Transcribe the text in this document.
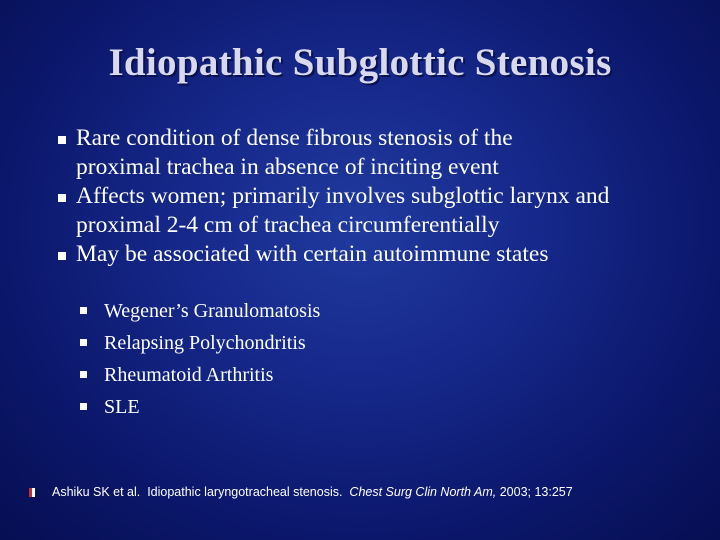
Idiopathic Subglottic Stenosis
Rare condition of dense fibrous stenosis of the proximal trachea in absence of inciting event
Affects women; primarily involves subglottic larynx and proximal 2-4 cm of trachea circumferentially
May be associated with certain autoimmune states
Wegener’s Granulomatosis
Relapsing Polychondritis
Rheumatoid Arthritis
SLE
Ashiku SK et al. Idiopathic laryngotracheal stenosis. Chest Surg Clin North Am, 2003; 13:257
